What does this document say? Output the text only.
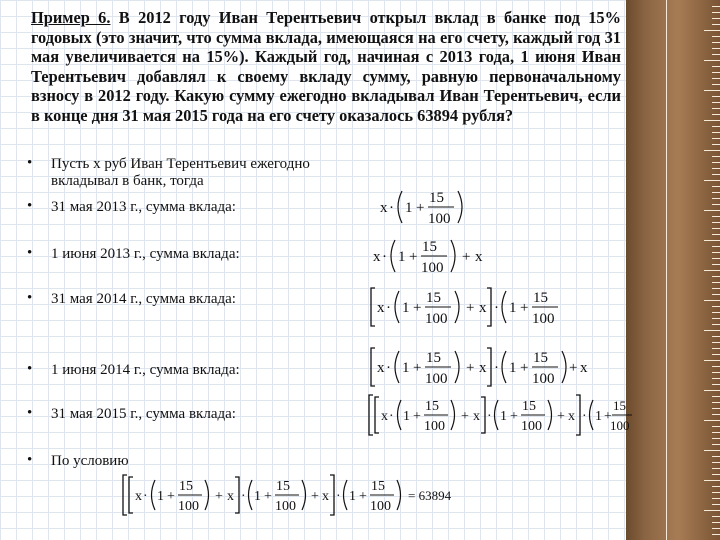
Пример 6. В 2012 году Иван Терентьевич открыл вклад в банке под 15% годовых (это значит, что сумма вклада, имеющаяся на его счету, каждый год 31 мая увеличивается на 15%). Каждый год, начиная с 2013 года, 1 июня Иван Терентьевич добавлял к своему вкладу сумму, равную первоначальному взносу в 2012 году. Какую сумму ежегодно вкладывал Иван Терентьевич, если в конце дня 31 мая 2015 года на его счету оказалось 63894 рубля?

• Пусть х руб Иван Терентьевич ежегодно вкладывал в банк, тогда
• 31 мая 2013 г., сумма вклада:
• 1 июня 2013 г., сумма вклада:
• 31 мая 2014 г., сумма вклада:
• 1 июня 2014 г., сумма вклада:
• 31 мая 2015 г., сумма вклада:
• По условию
x · 1 +
15
100
x · 1 +
15
100
+ x
x · 1 +
15
100
+ x · 1 +
15
100
x · 1 +
15
100
+ x · 1 +
15
100
+ x
x · 1 +
15
100
+ x · 1 +
15
100
+ x · 1 +
15
100
x · 1 +
15
100
+ x · 1 +
15
100
+ x · 1 +
15
100
= 63894
